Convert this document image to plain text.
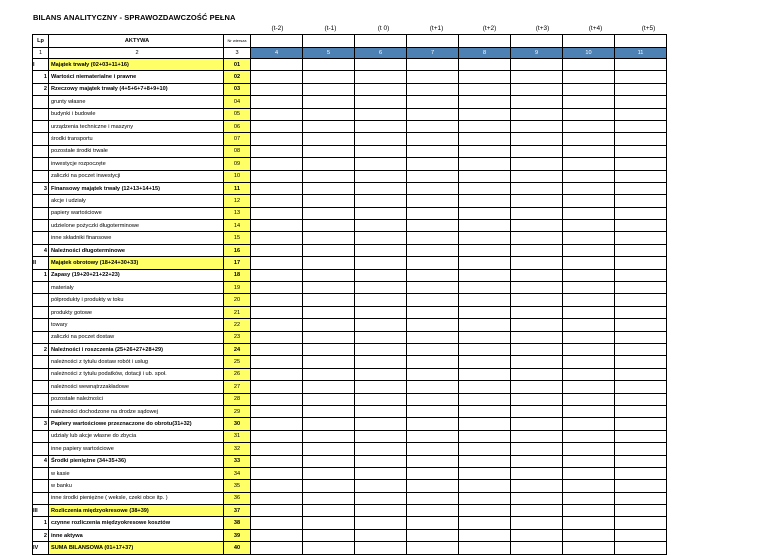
BILANS ANALITYCZNY - SPRAWOZDAWCZOŚĆ PEŁNA
(t-2)	(t-1)	(t 0)	(t+1)	(t+2)	(t+3)	(t+4)	(t+5)
Lp	AKTYWA	Nr wiersza								
1	2	3	4	5	6	7	8	9	10	11
I	Majątek trwały (02+03+11+16)	01								
1	Wartości niematerialne i prawne	02								
2	Rzeczowy majątek trwały (4+5+6+7+8+9+10)	03								
	grunty własne	04								
	budynki i budowle	05								
	urządzenia techniczne i maszyny	06								
	środki transportu	07								
	pozostałe środki trwałe	08								
	inwestycje rozpoczęte	09								
	zaliczki na poczet inwestycji	10								
3	Finansowy majątek trwały (12+13+14+15)	11								
	akcje i udziały	12								
	papiery wartościowe	13								
	udzielone pożyczki długoterminowe	14								
	inne składniki finansowe	15								
4	Należności długoterminowe	16								
II	Majątek obrotowy (18+24+30+33)	17								
1	Zapasy (19+20+21+22+23)	18								
	materiały	19								
	półprodukty i produkty w toku	20								
	produkty gotowe	21								
	towary	22								
	zaliczki na poczet dostaw	23								
2	Należności i roszczenia (25+26+27+28+29)	24								
	należności z tytułu dostaw robót i usług	25								
	należności z tytułu podatków, dotacji i ub. społ.	26								
	należności wewnątrzzakładowe	27								
	pozostałe należności	28								
	należności dochodzone na drodze sądowej	29								
3	Papiery wartościowe przeznaczone do obrotu(31+32)	30								
	udziały lub akcje własne do zbycia	31								
	inne papiery wartościowe	32								
4	Środki pieniężne (34+35+36)	33								
	w kasie	34								
	w banku	35								
	inne środki pieniężne ( weksle, czeki obce itp. )	36								
III	Rozliczenia międzyokresowe (38+39)	37								
1	czynne rozliczenia międzyokresowe kosztów	38								
2	inne aktywa	39								
IV	SUMA BILANSOWA (01+17+37)	40								
